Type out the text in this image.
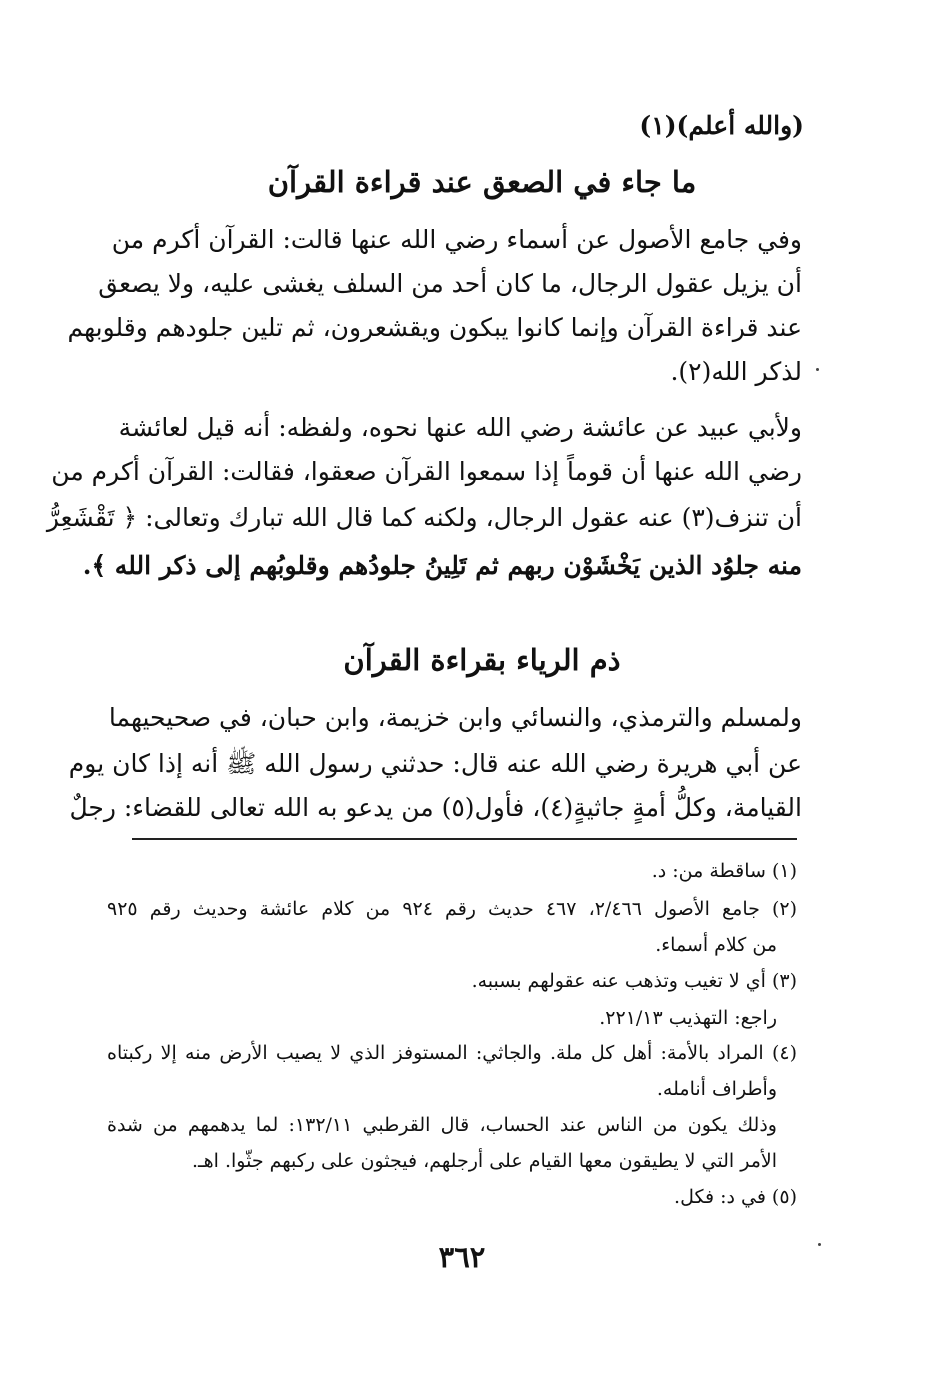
(والله أعلم)(١)
ما جاء في الصعق عند قراءة القرآن
وفي جامع الأصول عن أسماء رضي الله عنها قالت: القرآن أكرم من
أن يزيل عقول الرجال، ما كان أحد من السلف يغشى عليه، ولا يصعق
عند قراءة القرآن وإنما كانوا يبكون ويقشعرون، ثم تلين جلودهم وقلوبهم
لذكر الله(٢).
ولأبي عبيد عن عائشة رضي الله عنها نحوه، ولفظه: أنه قيل لعائشة
رضي الله عنها أن قوماً إذا سمعوا القرآن صعقوا، فقالت: القرآن أكرم من
أن تنزف(٣) عنه عقول الرجال، ولكنه كما قال الله تبارك وتعالى: ﴿ تَقْشَعِرُّ
منه جلوُد الذين يَخْشَوْن ربهم ثم تَلِينُ جلودُهم وقلوبُهم إلى ذكر الله ﴾.
ذم الرياء بقراءة القرآن
ولمسلم والترمذي، والنسائي وابن خزيمة، وابن حبان، في صحيحيهما
عن أبي هريرة رضي الله عنه قال: حدثني رسول الله ﷺ أنه إذا كان يوم
القيامة، وكلُّ أمةٍ جاثيةٍ(٤)، فأول(٥) من يدعو به الله تعالى للقضاء: رجلٌ
(١) ساقطة من: د.
(٢) جامع الأصول ٢/٤٦٦، ٤٦٧ حديث رقم ٩٢٤ من كلام عائشة وحديث رقم ٩٢٥
من كلام أسماء.
(٣) أي لا تغيب وتذهب عنه عقولهم بسببه.
راجع: التهذيب ٢٢١/١٣.
(٤) المراد بالأمة: أهل كل ملة. والجاثي: المستوفز الذي لا يصيب الأرض منه إلا ركبتاه
وأطراف أنامله.
وذلك يكون من الناس عند الحساب، قال القرطبي ١٣٢/١١: لما يدهمهم من شدة
الأمر التي لا يطيقون معها القيام على أرجلهم، فيجثون على ركبهم جثّوا. اهـ.
(٥) في د: فكل.
٣٦٢
